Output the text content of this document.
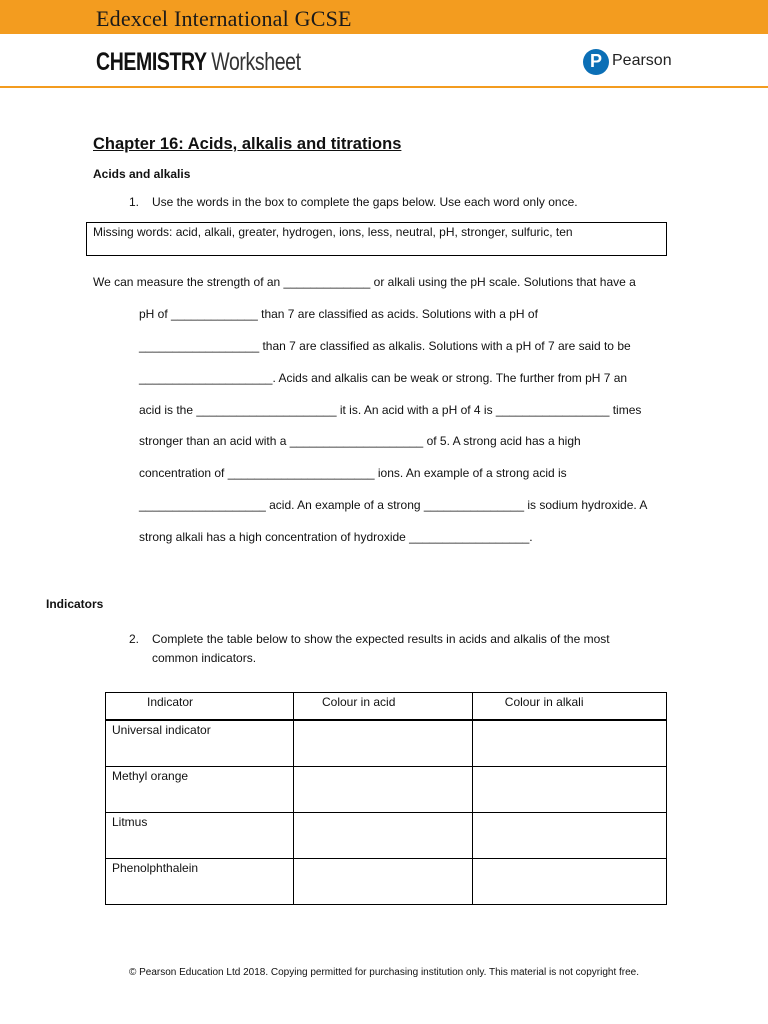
Edexcel International GCSE
CHEMISTRY Worksheet	P Pearson
Chapter 16: Acids, alkalis and titrations
Acids and alkalis
1. Use the words in the box to complete the gaps below. Use each word only once.
Missing words: acid, alkali, greater, hydrogen, ions, less, neutral, pH, stronger, sulfuric, ten
We can measure the strength of an _____________ or alkali using the pH scale. Solutions that have a
pH of _____________ than 7 are classified as acids. Solutions with a pH of
__________________ than 7 are classified as alkalis. Solutions with a pH of 7 are said to be
____________________. Acids and alkalis can be weak or strong. The further from pH 7 an
acid is the _____________________ it is. An acid with a pH of 4 is _________________ times
stronger than an acid with a ____________________ of 5. A strong acid has a high
concentration of ______________________ ions. An example of a strong acid is
___________________ acid. An example of a strong _______________ is sodium hydroxide. A
strong alkali has a high concentration of hydroxide __________________.
Indicators
2. Complete the table below to show the expected results in acids and alkalis of the most
common indicators.
Indicator	Colour in acid	Colour in alkali
Universal indicator		
Methyl orange		
Litmus		
Phenolphthalein		
© Pearson Education Ltd 2018. Copying permitted for purchasing institution only. This material is not copyright free.
